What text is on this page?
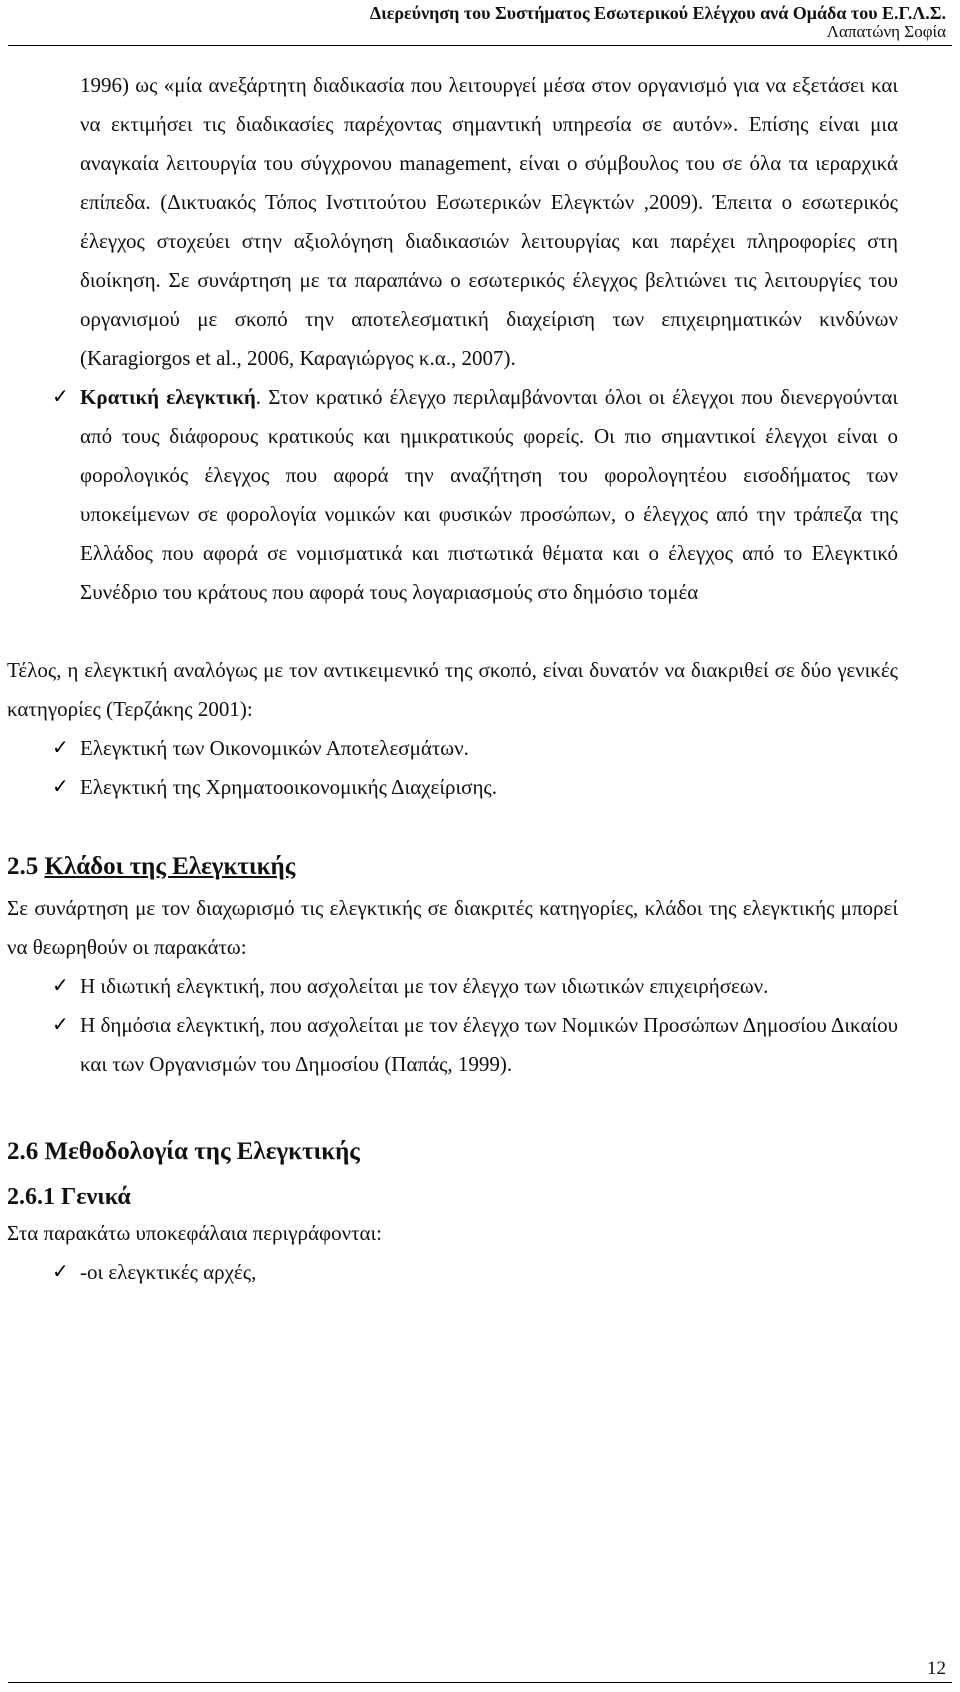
Διερεύνηση του Συστήματος Εσωτερικού Ελέγχου ανά Ομάδα του Ε.Γ.Λ.Σ.
Λαπατώνη Σοφία

1996) ως «μία ανεξάρτητη διαδικασία που λειτουργεί μέσα στον οργανισμό για να εξετάσει και να εκτιμήσει τις διαδικασίες παρέχοντας σημαντική υπηρεσία σε αυτόν». Επίσης είναι μια αναγκαία λειτουργία του σύγχρονου management, είναι ο σύμβουλος του σε όλα τα ιεραρχικά επίπεδα. (Δικτυακός Τόπος Ινστιτούτου Εσωτερικών Ελεγκτών ,2009). Έπειτα ο εσωτερικός έλεγχος στοχεύει στην αξιολόγηση διαδικασιών λειτουργίας και παρέχει πληροφορίες στη διοίκηση. Σε συνάρτηση με τα παραπάνω ο εσωτερικός έλεγχος βελτιώνει τις λειτουργίες του οργανισμού με σκοπό την αποτελεσματική διαχείριση των επιχειρηματικών κινδύνων (Karagiorgos et al., 2006, Καραγιώργος κ.α., 2007).

✓ Κρατική ελεγκτική. Στον κρατικό έλεγχο περιλαμβάνονται όλοι οι έλεγχοι που διενεργούνται από τους διάφορους κρατικούς και ημικρατικούς φορείς. Οι πιο σημαντικοί έλεγχοι είναι ο φορολογικός έλεγχος που αφορά την αναζήτηση του φορολογητέου εισοδήματος των υποκείμενων σε φορολογία νομικών και φυσικών προσώπων, ο έλεγχος από την τράπεζα της Ελλάδος που αφορά σε νομισματικά και πιστωτικά θέματα και ο έλεγχος από το Ελεγκτικό Συνέδριο του κράτους που αφορά τους λογαριασμούς στο δημόσιο τομέα

Τέλος, η ελεγκτική αναλόγως με τον αντικειμενικό της σκοπό, είναι δυνατόν να διακριθεί σε δύο γενικές κατηγορίες (Τερζάκης 2001):

✓ Ελεγκτική των Οικονομικών Αποτελεσμάτων.
✓ Ελεγκτική της Χρηματοοικονομικής Διαχείρισης.
2.5 Κλάδοι της Ελεγκτικής

Σε συνάρτηση με τον διαχωρισμό τις ελεγκτικής σε διακριτές κατηγορίες, κλάδοι της ελεγκτικής μπορεί να θεωρηθούν οι παρακάτω:

✓ Η ιδιωτική ελεγκτική, που ασχολείται με τον έλεγχο των ιδιωτικών επιχειρήσεων.
✓ Η δημόσια ελεγκτική, που ασχολείται με τον έλεγχο των Νομικών Προσώπων Δημοσίου Δικαίου και των Οργανισμών του Δημοσίου (Παπάς, 1999).
2.6 Μεθοδολογία της Ελεγκτικής
2.6.1 Γενικά

Στα παρακάτω υποκεφάλαια περιγράφονται:

✓ -οι ελεγκτικές αρχές,
12
